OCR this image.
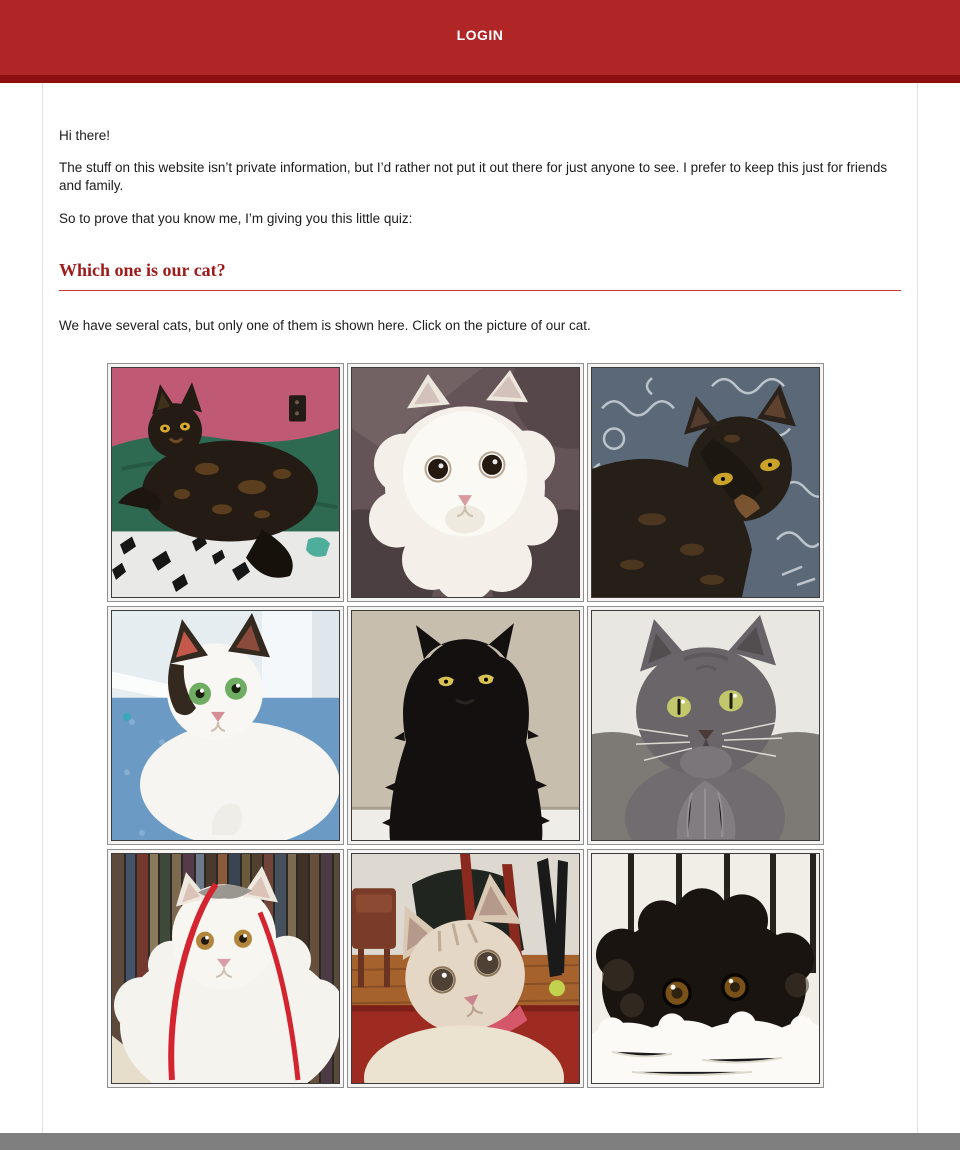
LOGIN

Hi there!

The stuff on this website isn’t private information, but I’d rather not put it out there for just anyone to see. I prefer to keep this just for friends and family.

So to prove that you know me, I’m giving you this little quiz:

Which one is our cat?

We have several cats, but only one of them is shown here. Click on the picture of our cat.
